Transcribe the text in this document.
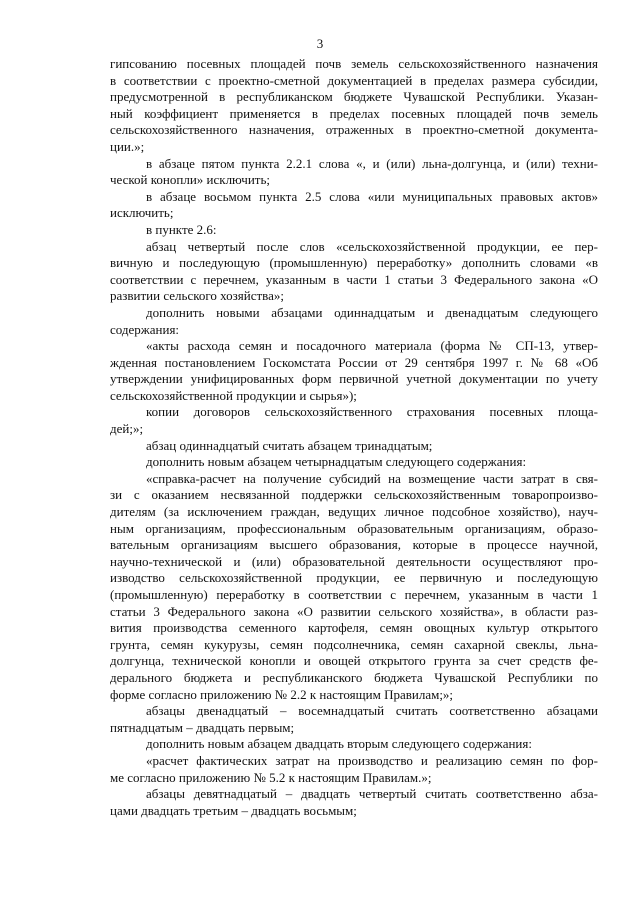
3

гипсованию посевных площадей почв земель сельскохозяйственного назначения
в соответствии с проектно-сметной документацией в пределах размера субсидии,
предусмотренной в республиканском бюджете Чувашской Республики. Указан-
ный коэффициент применяется в пределах посевных площадей почв земель
сельскохозяйственного назначения, отраженных в проектно-сметной документа-
ции.»;

в абзаце пятом пункта 2.2.1 слова «, и (или) льна-долгунца, и (или) техни-
ческой конопли» исключить;

в абзаце восьмом пункта 2.5 слова «или муниципальных правовых актов»
исключить;

в пункте 2.6:

абзац четвертый после слов «сельскохозяйственной продукции, ее пер-
вичную и последующую (промышленную) переработку» дополнить словами «в
соответствии с перечнем, указанным в части 1 статьи 3 Федерального закона «О
развитии сельского хозяйства»;

дополнить новыми абзацами одиннадцатым и двенадцатым следующего
содержания:

«акты расхода семян и посадочного материала (форма № СП-13, утвер-
жденная постановлением Госкомстата России от 29 сентября 1997 г. № 68 «Об
утверждении унифицированных форм первичной учетной документации по учету
сельскохозяйственной продукции и сырья»);

копии договоров сельскохозяйственного страхования посевных площа-
дей;»;

абзац одиннадцатый считать абзацем тринадцатым;

дополнить новым абзацем четырнадцатым следующего содержания:

«справка-расчет на получение субсидий на возмещение части затрат в свя-
зи с оказанием несвязанной поддержки сельскохозяйственным товаропроизво-
дителям (за исключением граждан, ведущих личное подсобное хозяйство), науч-
ным организациям, профессиональным образовательным организациям, образо-
вательным организациям высшего образования, которые в процессе научной,
научно-технической и (или) образовательной деятельности осуществляют про-
изводство сельскохозяйственной продукции, ее первичную и последующую
(промышленную) переработку в соответствии с перечнем, указанным в части 1
статьи 3 Федерального закона «О развитии сельского хозяйства», в области раз-
вития производства семенного картофеля, семян овощных культур открытого
грунта, семян кукурузы, семян подсолнечника, семян сахарной свеклы, льна-
долгунца, технической конопли и овощей открытого грунта за счет средств фе-
дерального бюджета и республиканского бюджета Чувашской Республики по
форме согласно приложению № 2.2 к настоящим Правилам;»;

абзацы двенадцатый – восемнадцатый считать соответственно абзацами
пятнадцатым – двадцать первым;

дополнить новым абзацем двадцать вторым следующего содержания:

«расчет фактических затрат на производство и реализацию семян по фор-
ме согласно приложению № 5.2 к настоящим Правилам.»;

абзацы девятнадцатый – двадцать четвертый считать соответственно абза-
цами двадцать третьим – двадцать восьмым;
